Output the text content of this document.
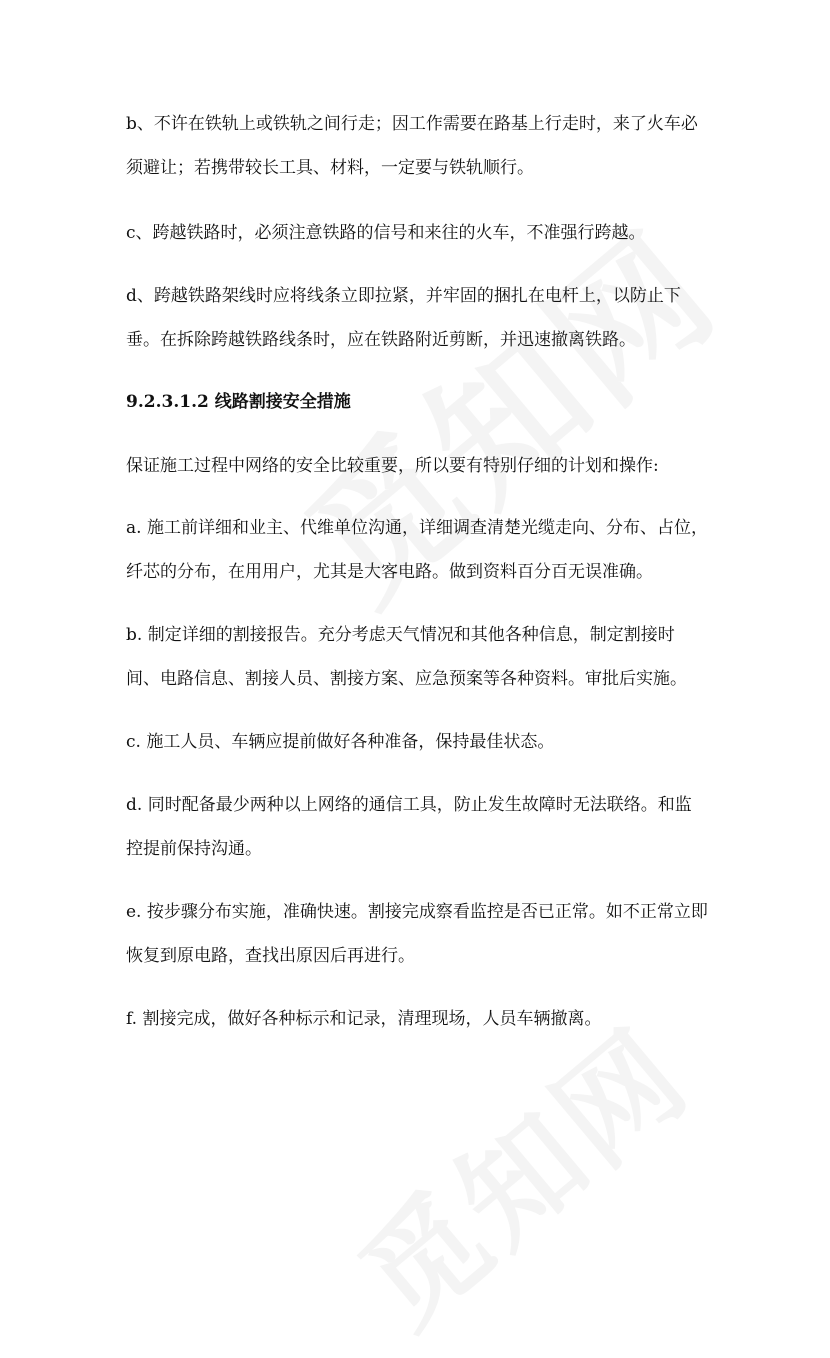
b、不许在铁轨上或铁轨之间行走；因工作需要在路基上行走时，来了火车必
须避让；若携带较长工具、材料，一定要与铁轨顺行。
c、跨越铁路时，必须注意铁路的信号和来往的火车，不准强行跨越。
d、跨越铁路架线时应将线条立即拉紧，并牢固的捆扎在电杆上，以防止下
垂。在拆除跨越铁路线条时，应在铁路附近剪断，并迅速撤离铁路。
9.2.3.1.2 线路割接安全措施
保证施工过程中网络的安全比较重要，所以要有特别仔细的计划和操作:
a. 施工前详细和业主、代维单位沟通，详细调查清楚光缆走向、分布、占位，
纤芯的分布，在用用户，尤其是大客电路。做到资料百分百无误准确。
b. 制定详细的割接报告。充分考虑天气情况和其他各种信息，制定割接时
间、电路信息、割接人员、割接方案、应急预案等各种资料。审批后实施。
c. 施工人员、车辆应提前做好各种准备，保持最佳状态。
d. 同时配备最少两种以上网络的通信工具，防止发生故障时无法联络。和监
控提前保持沟通。
e. 按步骤分布实施，准确快速。割接完成察看监控是否已正常。如不正常立即
恢复到原电路，查找出原因后再进行。
f. 割接完成，做好各种标示和记录，清理现场，人员车辆撤离。
